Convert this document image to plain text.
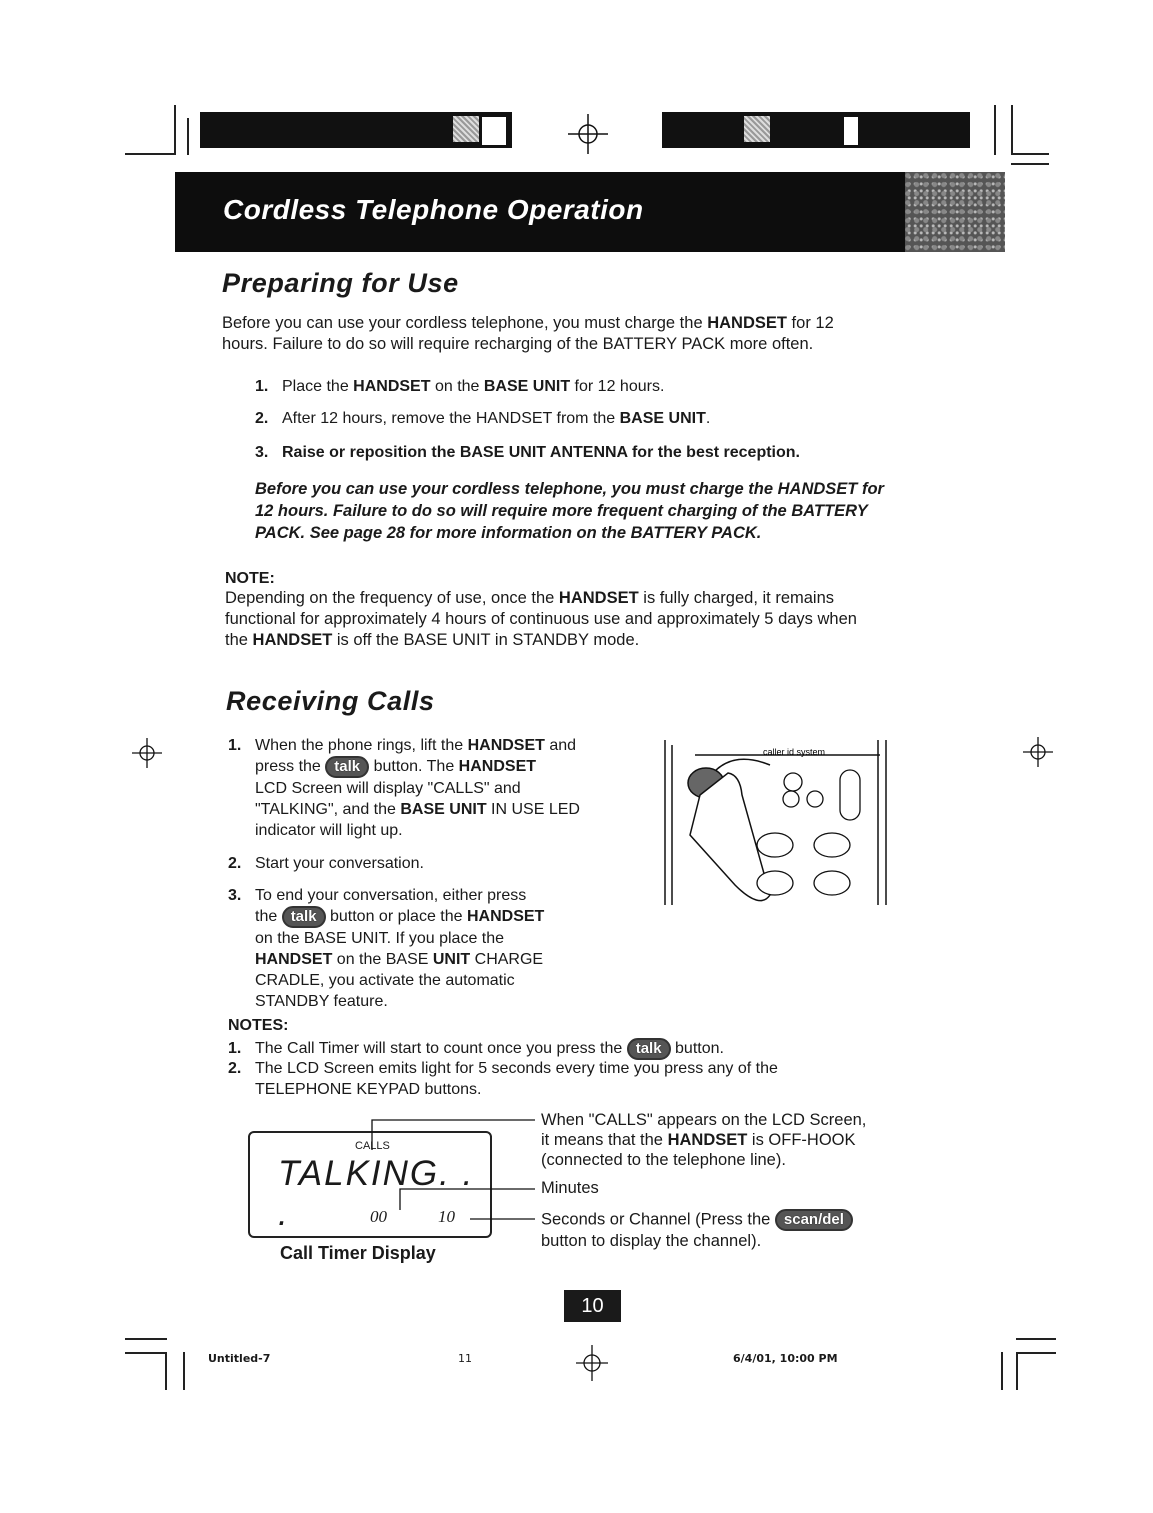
Cordless Telephone Operation
Preparing for Use

Before you can use your cordless telephone, you must charge the HANDSET for 12
hours. Failure to do so will require recharging of the BATTERY PACK more often.

1. Place the HANDSET on the BASE UNIT for 12 hours.
2. After 12 hours, remove the HANDSET from the BASE UNIT.
3. Raise or reposition the BASE UNIT ANTENNA for the best reception.

Before you can use your cordless telephone, you must charge the HANDSET for
12 hours. Failure to do so will require more frequent charging of the BATTERY
PACK. See page 28 for more information on the BATTERY PACK.

NOTE:

Depending on the frequency of use, once the HANDSET is fully charged, it remains
functional for approximately 4 hours of continuous use and approximately 5 days when
the HANDSET is off the BASE UNIT in STANDBY mode.

Receiving Calls
1. When the phone rings, lift the HANDSET and
press the talk button. The HANDSET
LCD Screen will display "CALLS" and
"TALKING", and the BASE UNIT IN USE LED
indicator will light up.
2. Start your conversation.
3. To end your conversation, either press
the talk button or place the HANDSET
on the BASE UNIT. If you place the
HANDSET on the BASE UNIT CHARGE
CRADLE, you activate the automatic
STANDBY feature.
caller id system
NOTES:
1. The Call Timer will start to count once you press the talk button.
2. The LCD Screen emits light for 5 seconds every time you press any of the
TELEPHONE KEYPAD buttons.
CALLS
TALKING. . .	00	10
Call Timer Display
When "CALLS" appears on the LCD Screen,
it means that the HANDSET is OFF-HOOK
(connected to the telephone line).
Minutes
Seconds or Channel (Press the scan/del
button to display the channel).
10
Untitled-7	11	6/4/01, 10:00 PM
